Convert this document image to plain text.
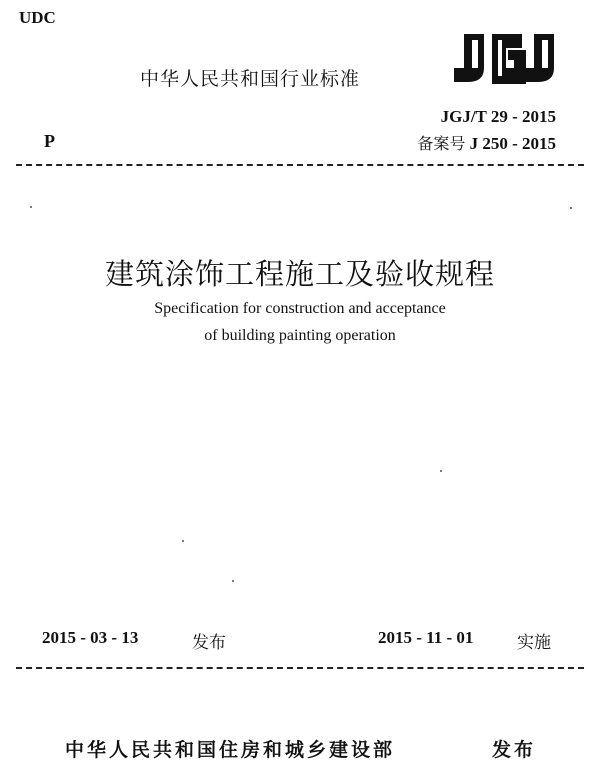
UDC
中华人民共和国行业标准
JGJ/T 29 - 2015
备案号 J 250 - 2015
P
建筑涂饰工程施工及验收规程
Specification for construction and acceptance
of building painting operation
2015 - 03 - 13	发布	2015 - 11 - 01	实施
中华人民共和国住房和城乡建设部	发布
